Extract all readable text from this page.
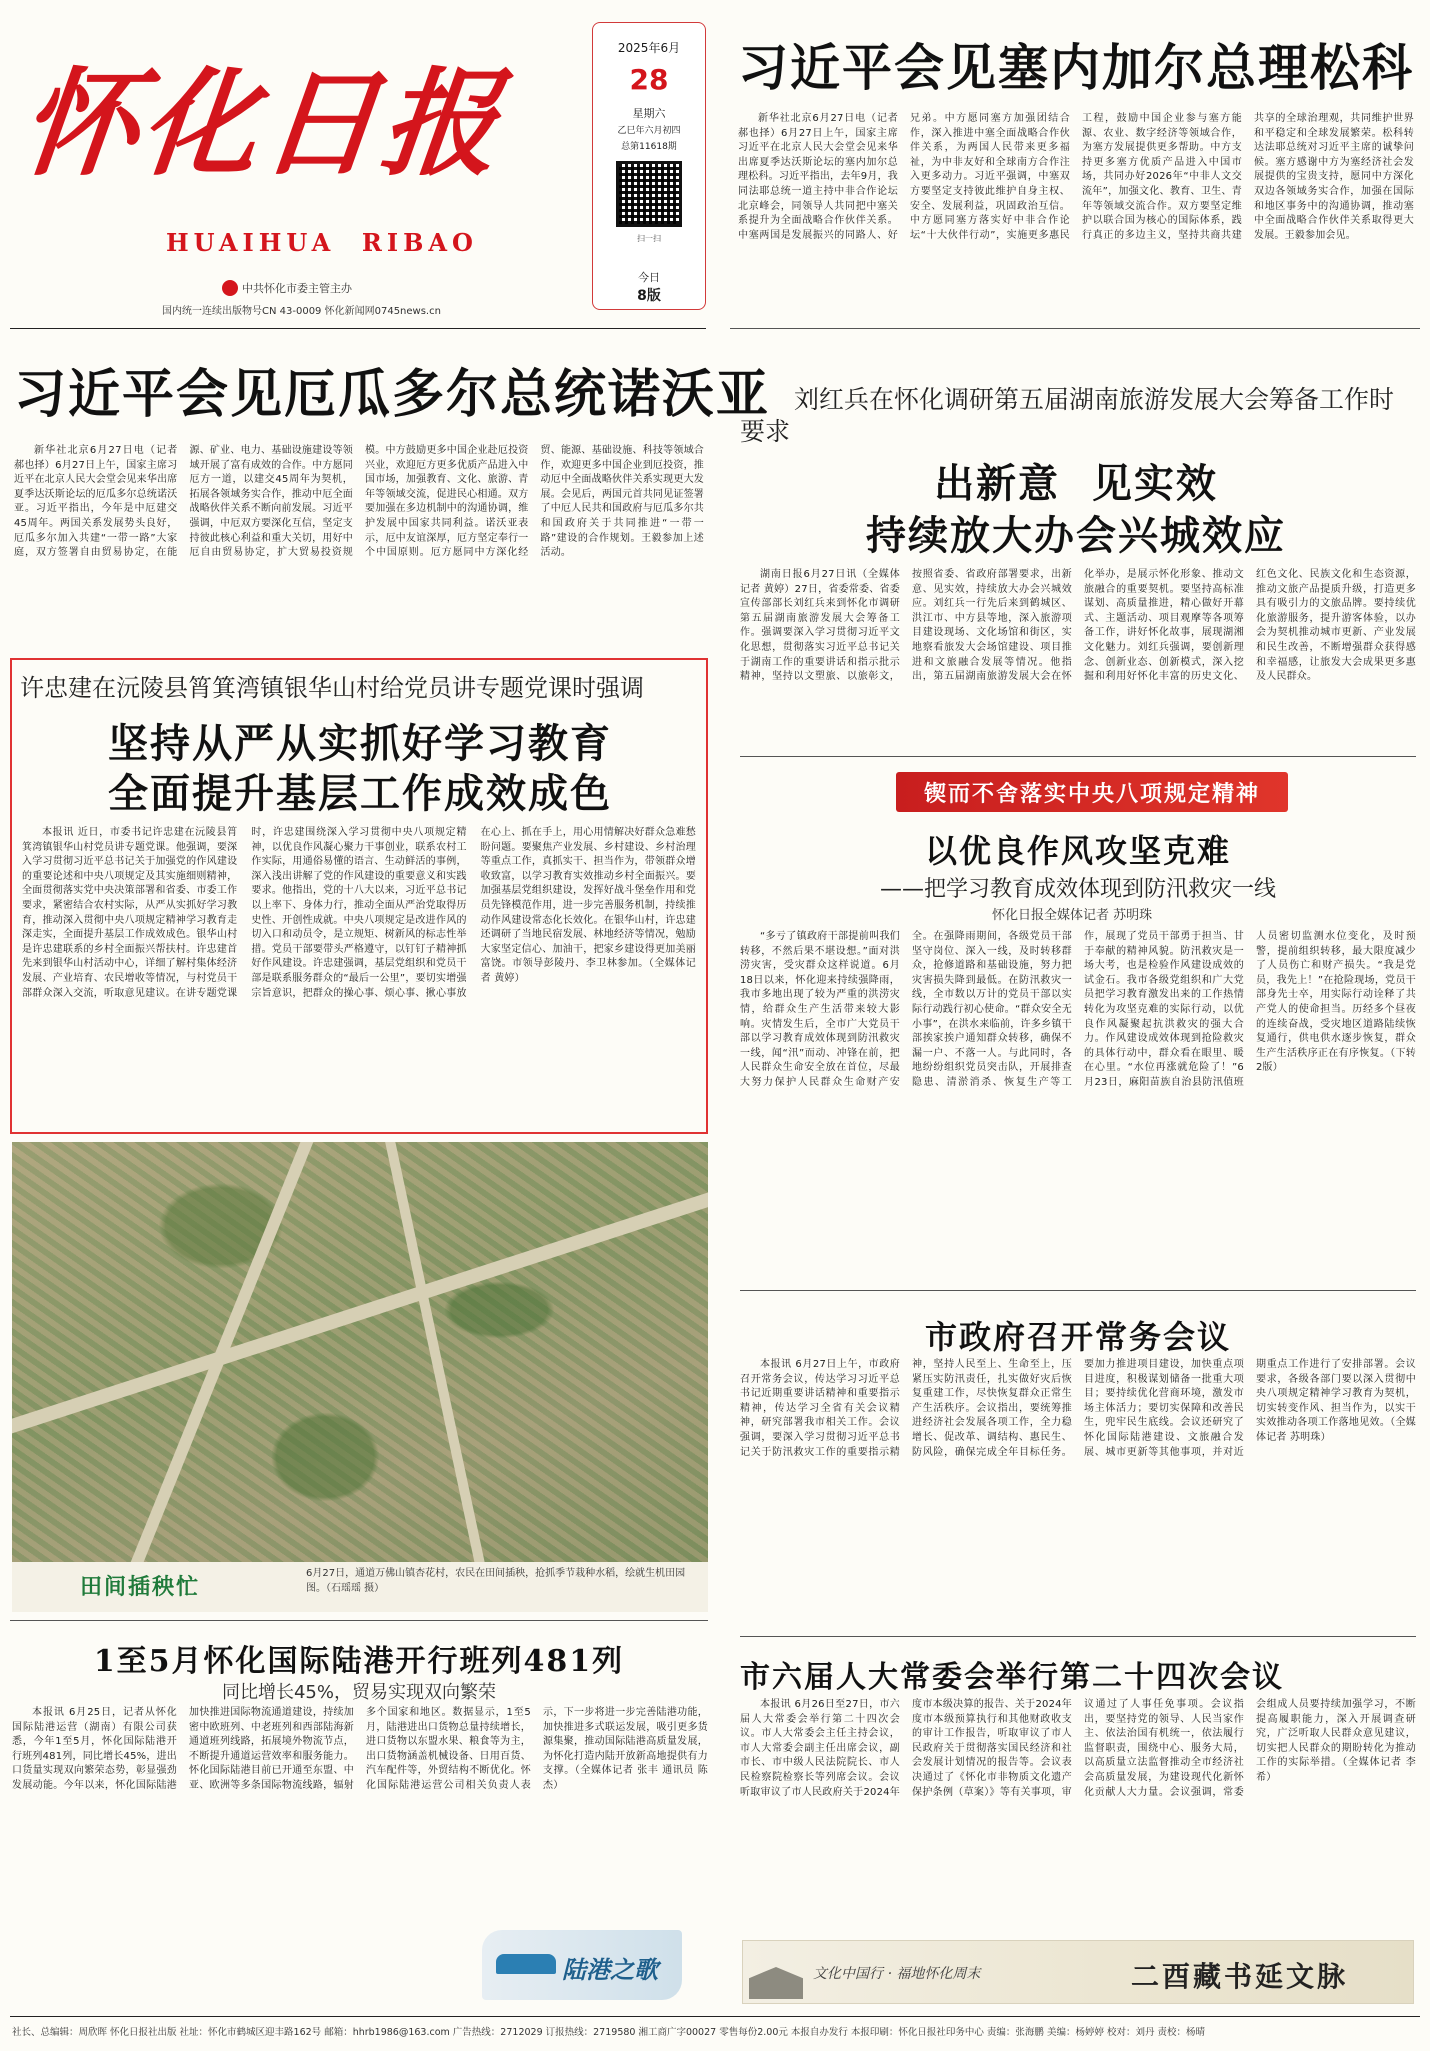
怀化日报
HUAIHUA  RIBAO
中共怀化市委主管主办
国内统一连续出版物号CN 43-0009 怀化新闻网0745news.cn
2025年6月
28
星期六
乙巳年六月初四
总第11618期
扫一扫
今日
8版
习近平会见塞内加尔总理松科
新华社北京6月27日电（记者 郝也择）6月27日上午，国家主席习近平在北京人民大会堂会见来华出席夏季达沃斯论坛的塞内加尔总理松科。习近平指出，去年9月，我同法耶总统一道主持中非合作论坛北京峰会，同领导人共同把中塞关系提升为全面战略合作伙伴关系。中塞两国是发展振兴的同路人、好兄弟。中方愿同塞方加强团结合作，深入推进中塞全面战略合作伙伴关系，为两国人民带来更多福祉，为中非友好和全球南方合作注入更多动力。习近平强调，中塞双方要坚定支持彼此维护自身主权、安全、发展利益，巩固政治互信。中方愿同塞方落实好中非合作论坛“十大伙伴行动”，实施更多惠民工程，鼓励中国企业参与塞方能源、农业、数字经济等领域合作，为塞方发展提供更多帮助。中方支持更多塞方优质产品进入中国市场，共同办好2026年“中非人文交流年”，加强文化、教育、卫生、青年等领域交流合作。双方要坚定维护以联合国为核心的国际体系，践行真正的多边主义，坚持共商共建共享的全球治理观，共同维护世界和平稳定和全球发展繁荣。松科转达法耶总统对习近平主席的诚挚问候。塞方感谢中方为塞经济社会发展提供的宝贵支持，愿同中方深化双边各领域务实合作，加强在国际和地区事务中的沟通协调，推动塞中全面战略合作伙伴关系取得更大发展。王毅参加会见。
习近平会见厄瓜多尔总统诺沃亚
新华社北京6月27日电（记者 郝也择）6月27日上午，国家主席习近平在北京人民大会堂会见来华出席夏季达沃斯论坛的厄瓜多尔总统诺沃亚。习近平指出，今年是中厄建交45周年。两国关系发展势头良好，厄瓜多尔加入共建“一带一路”大家庭，双方签署自由贸易协定，在能源、矿业、电力、基础设施建设等领域开展了富有成效的合作。中方愿同厄方一道，以建交45周年为契机，拓展各领域务实合作，推动中厄全面战略伙伴关系不断向前发展。习近平强调，中厄双方要深化互信，坚定支持彼此核心利益和重大关切，用好中厄自由贸易协定，扩大贸易投资规模。中方鼓励更多中国企业赴厄投资兴业，欢迎厄方更多优质产品进入中国市场，加强教育、文化、旅游、青年等领域交流，促进民心相通。双方要加强在多边机制中的沟通协调，维护发展中国家共同利益。诺沃亚表示，厄中友谊深厚，厄方坚定奉行一个中国原则。厄方愿同中方深化经贸、能源、基础设施、科技等领域合作，欢迎更多中国企业到厄投资，推动厄中全面战略伙伴关系实现更大发展。会见后，两国元首共同见证签署了中厄人民共和国政府与厄瓜多尔共和国政府关于共同推进“一带一路”建设的合作规划。王毅参加上述活动。
刘红兵在怀化调研第五届湖南旅游发展大会筹备工作时要求
出新意  见实效
持续放大办会兴城效应
湖南日报6月27日讯（全媒体记者 黄婷）27日，省委常委、省委宣传部部长刘红兵来到怀化市调研第五届湖南旅游发展大会筹备工作。强调要深入学习贯彻习近平文化思想，贯彻落实习近平总书记关于湖南工作的重要讲话和指示批示精神，坚持以文塑旅、以旅彰文，按照省委、省政府部署要求，出新意、见实效，持续放大办会兴城效应。刘红兵一行先后来到鹤城区、洪江市、中方县等地，深入旅游项目建设现场、文化场馆和街区，实地察看旅发大会场馆建设、项目推进和文旅融合发展等情况。他指出，第五届湖南旅游发展大会在怀化举办，是展示怀化形象、推动文旅融合的重要契机。要坚持高标准谋划、高质量推进，精心做好开幕式、主题活动、项目观摩等各项筹备工作，讲好怀化故事，展现湖湘文化魅力。刘红兵强调，要创新理念、创新业态、创新模式，深入挖掘和利用好怀化丰富的历史文化、红色文化、民族文化和生态资源，推动文旅产品提质升级，打造更多具有吸引力的文旅品牌。要持续优化旅游服务，提升游客体验，以办会为契机推动城市更新、产业发展和民生改善，不断增强群众获得感和幸福感，让旅发大会成果更多惠及人民群众。
许忠建在沅陵县筲箕湾镇银华山村给党员讲专题党课时强调
坚持从严从实抓好学习教育
全面提升基层工作成效成色
本报讯 近日，市委书记许忠建在沅陵县筲箕湾镇银华山村党员讲专题党课。他强调，要深入学习贯彻习近平总书记关于加强党的作风建设的重要论述和中央八项规定及其实施细则精神，全面贯彻落实党中央决策部署和省委、市委工作要求，紧密结合农村实际，从严从实抓好学习教育，推动深入贯彻中央八项规定精神学习教育走深走实，全面提升基层工作成效成色。银华山村是许忠建联系的乡村全面振兴帮扶村。许忠建首先来到银华山村活动中心，详细了解村集体经济发展、产业培育、农民增收等情况，与村党员干部群众深入交流，听取意见建议。在讲专题党课时，许忠建围绕深入学习贯彻中央八项规定精神，以优良作风凝心聚力干事创业，联系农村工作实际，用通俗易懂的语言、生动鲜活的事例，深入浅出讲解了党的作风建设的重要意义和实践要求。他指出，党的十八大以来，习近平总书记以上率下、身体力行，推动全面从严治党取得历史性、开创性成就。中央八项规定是改进作风的切入口和动员令，是立规矩、树新风的标志性举措。党员干部要带头严格遵守，以钉钉子精神抓好作风建设。许忠建强调，基层党组织和党员干部是联系服务群众的“最后一公里”，要切实增强宗旨意识，把群众的操心事、烦心事、揪心事放在心上、抓在手上，用心用情解决好群众急难愁盼问题。要聚焦产业发展、乡村建设、乡村治理等重点工作，真抓实干、担当作为，带领群众增收致富，以学习教育实效推动乡村全面振兴。要加强基层党组织建设，发挥好战斗堡垒作用和党员先锋模范作用，进一步完善服务机制，持续推动作风建设常态化长效化。在银华山村，许忠建还调研了当地民宿发展、林地经济等情况，勉励大家坚定信心、加油干，把家乡建设得更加美丽富饶。市领导彭陵丹、李卫林参加。（全媒体记者 黄婷）
锲而不舍落实中央八项规定精神
以优良作风攻坚克难
——把学习教育成效体现到防汛救灾一线
怀化日报全媒体记者 苏明珠
“多亏了镇政府干部提前叫我们转移，不然后果不堪设想。”面对洪涝灾害，受灾群众这样说道。6月18日以来，怀化迎来持续强降雨，我市多地出现了较为严重的洪涝灾情，给群众生产生活带来较大影响。灾情发生后，全市广大党员干部以学习教育成效体现到防汛救灾一线，闻“汛”而动、冲锋在前，把人民群众生命安全放在首位，尽最大努力保护人民群众生命财产安全。在强降雨期间，各级党员干部坚守岗位、深入一线，及时转移群众，抢修道路和基础设施，努力把灾害损失降到最低。在防汛救灾一线，全市数以万计的党员干部以实际行动践行初心使命。“群众安全无小事”，在洪水来临前，许多乡镇干部挨家挨户通知群众转移，确保不漏一户、不落一人。与此同时，各地纷纷组织党员突击队，开展排查隐患、清淤消杀、恢复生产等工作，展现了党员干部勇于担当、甘于奉献的精神风貌。防汛救灾是一场大考，也是检验作风建设成效的试金石。我市各级党组织和广大党员把学习教育激发出来的工作热情转化为攻坚克难的实际行动，以优良作风凝聚起抗洪救灾的强大合力。作风建设成效体现到抢险救灾的具体行动中，群众看在眼里、暖在心里。“水位再涨就危险了！”6月23日，麻阳苗族自治县防汛值班人员密切监测水位变化，及时预警，提前组织转移，最大限度减少了人员伤亡和财产损失。“我是党员，我先上！”在抢险现场，党员干部身先士卒，用实际行动诠释了共产党人的使命担当。历经多个昼夜的连续奋战，受灾地区道路陆续恢复通行，供电供水逐步恢复，群众生产生活秩序正在有序恢复。（下转2版）
田间插秧忙
6月27日，通道万佛山镇杏花村，农民在田间插秧，抢抓季节栽种水稻，绘就生机田园图。（石瑶瑶 摄）
市政府召开常务会议
本报讯 6月27日上午，市政府召开常务会议，传达学习习近平总书记近期重要讲话精神和重要指示精神，传达学习全省有关会议精神，研究部署我市相关工作。会议强调，要深入学习贯彻习近平总书记关于防汛救灾工作的重要指示精神，坚持人民至上、生命至上，压紧压实防汛责任，扎实做好灾后恢复重建工作，尽快恢复群众正常生产生活秩序。会议指出，要统筹推进经济社会发展各项工作，全力稳增长、促改革、调结构、惠民生、防风险，确保完成全年目标任务。要加力推进项目建设，加快重点项目进度，积极谋划储备一批重大项目；要持续优化营商环境，激发市场主体活力；要切实保障和改善民生，兜牢民生底线。会议还研究了怀化国际陆港建设、文旅融合发展、城市更新等其他事项，并对近期重点工作进行了安排部署。会议要求，各级各部门要以深入贯彻中央八项规定精神学习教育为契机，切实转变作风、担当作为，以实干实效推动各项工作落地见效。（全媒体记者 苏明珠）
1至5月怀化国际陆港开行班列481列
同比增长45%，贸易实现双向繁荣
本报讯 6月25日，记者从怀化国际陆港运营（湖南）有限公司获悉，今年1至5月，怀化国际陆港开行班列481列，同比增长45%，进出口货量实现双向繁荣态势，彰显强劲发展动能。今年以来，怀化国际陆港加快推进国际物流通道建设，持续加密中欧班列、中老班列和西部陆海新通道班列线路，拓展境外物流节点，不断提升通道运营效率和服务能力。怀化国际陆港目前已开通至东盟、中亚、欧洲等多条国际物流线路，辐射多个国家和地区。数据显示，1至5月，陆港进出口货物总量持续增长，进口货物以东盟水果、粮食等为主，出口货物涵盖机械设备、日用百货、汽车配件等，外贸结构不断优化。怀化国际陆港运营公司相关负责人表示，下一步将进一步完善陆港功能，加快推进多式联运发展，吸引更多货源集聚，推动国际陆港高质量发展，为怀化打造内陆开放新高地提供有力支撑。（全媒体记者 张丰 通讯员 陈杰）
陆港之歌
市六届人大常委会举行第二十四次会议
本报讯 6月26日至27日，市六届人大常委会举行第二十四次会议。市人大常委会主任主持会议，市人大常委会副主任出席会议，副市长、市中级人民法院院长、市人民检察院检察长等列席会议。会议听取审议了市人民政府关于2024年度市本级决算的报告、关于2024年度市本级预算执行和其他财政收支的审计工作报告，听取审议了市人民政府关于贯彻落实国民经济和社会发展计划情况的报告等。会议表决通过了《怀化市非物质文化遗产保护条例（草案）》等有关事项，审议通过了人事任免事项。会议指出，要坚持党的领导、人民当家作主、依法治国有机统一，依法履行监督职责，围绕中心、服务大局，以高质量立法监督推动全市经济社会高质量发展，为建设现代化新怀化贡献人大力量。会议强调，常委会组成人员要持续加强学习，不断提高履职能力，深入开展调查研究，广泛听取人民群众意见建议，切实把人民群众的期盼转化为推动工作的实际举措。（全媒体记者 李希）
文化中国行 · 福地怀化周末	二酉藏书延文脉
社长、总编辑：周欣晖 怀化日报社出版 社址：怀化市鹤城区迎丰路162号 邮箱：hhrb1986@163.com 广告热线：2712029 订报热线：2719580 湘工商广字00027 零售每份2.00元 本报自办发行 本报印刷：怀化日报社印务中心 责编：张海鹏 美编：杨婷婷 校对：刘丹 责校：杨晴
